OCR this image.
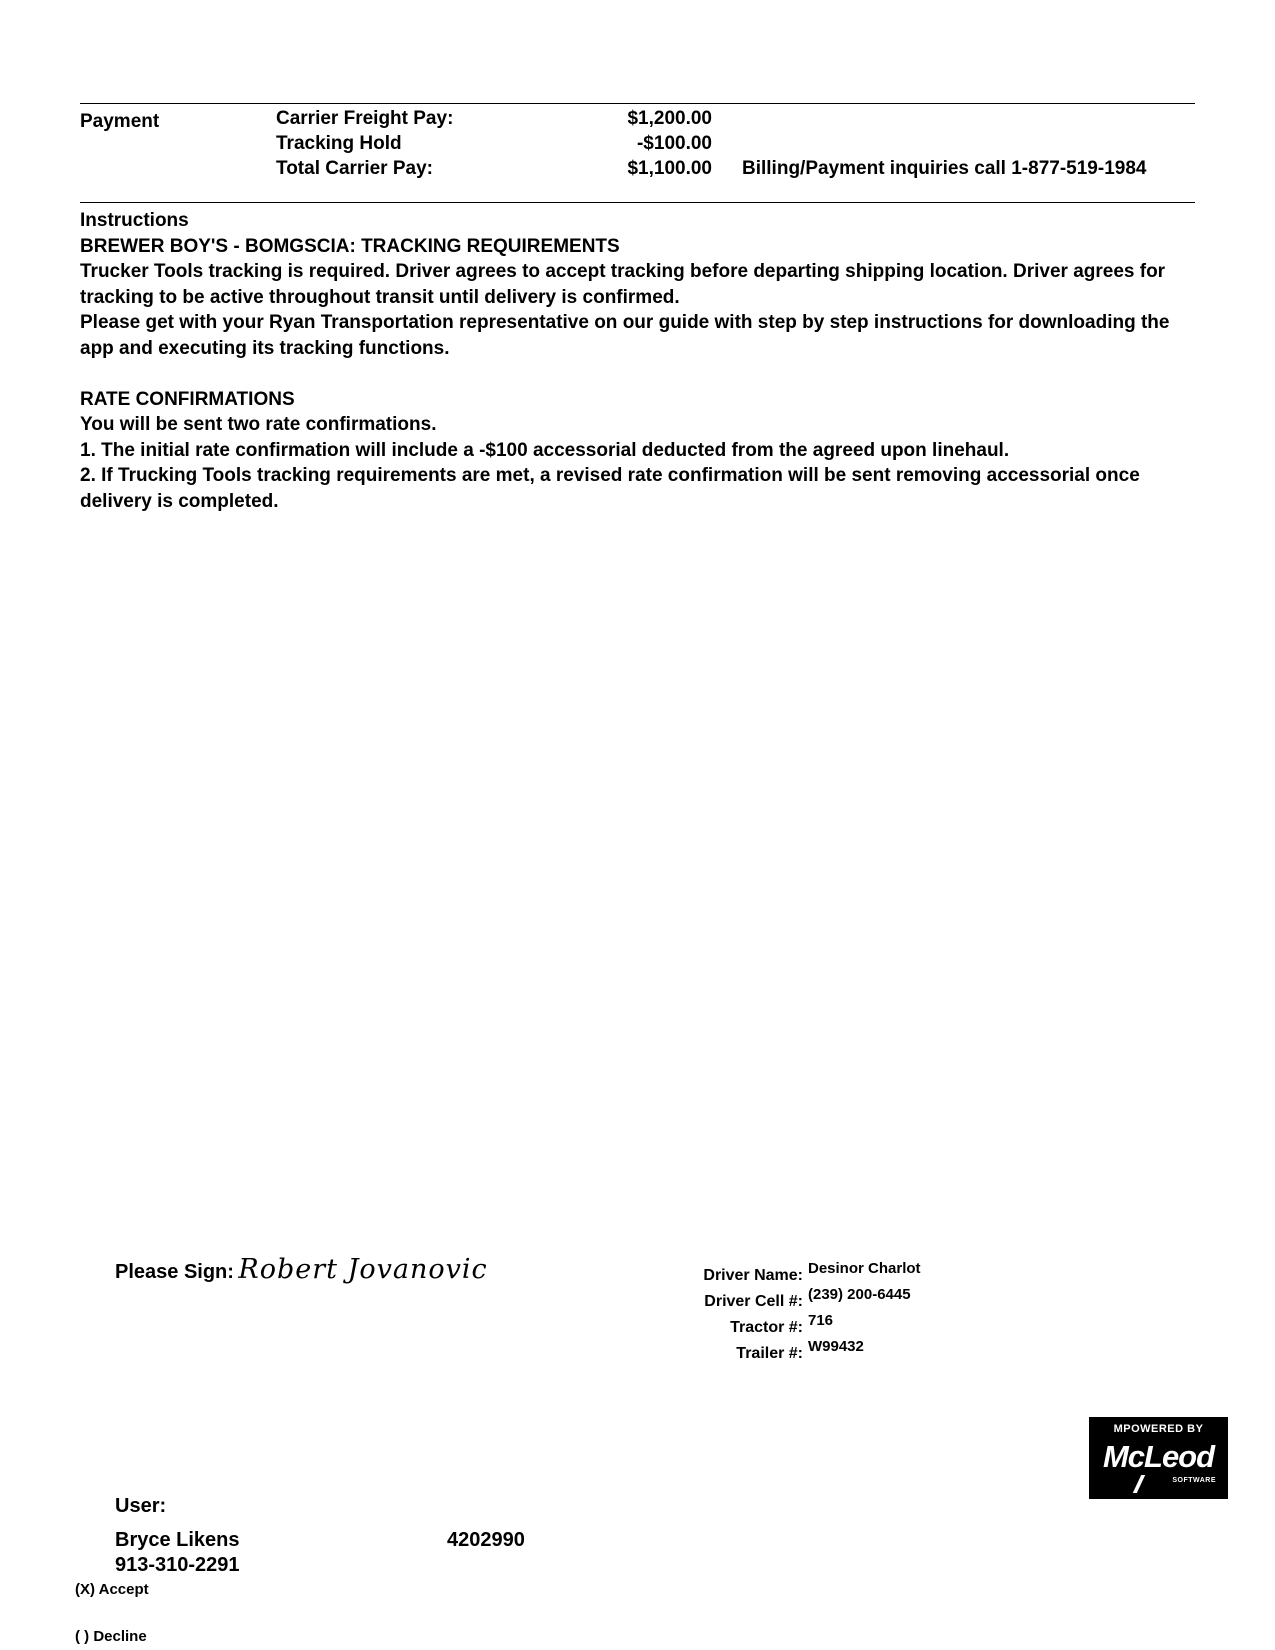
Payment	Carrier Freight Pay:	$1,200.00
Tracking Hold	-$100.00
Total Carrier Pay:	$1,100.00 Billing/Payment inquiries call 1-877-519-1984

Instructions

BREWER BOY'S - BOMGSCIA: TRACKING REQUIREMENTS

Trucker Tools tracking is required. Driver agrees to accept tracking before departing shipping location. Driver agrees for tracking to be active throughout transit until delivery is confirmed.

Please get with your Ryan Transportation representative on our guide with step by step instructions for downloading the app and executing its tracking functions.

RATE CONFIRMATIONS

You will be sent two rate confirmations.

1. The initial rate confirmation will include a -$100 accessorial deducted from the agreed upon linehaul.

2. If Trucking Tools tracking requirements are met, a revised rate confirmation will be sent removing accessorial once delivery is completed.

Please Sign: Robert Jovanovic	Driver Name: Desinor Charlot
Driver Cell #: (239) 200-6445
Tractor #: 716
Trailer #: W99432
MPOWERED BY
McLeod
SOFTWARE
User:
Bryce Likens
913-310-2291
4202990
(X) Accept
( ) Decline
